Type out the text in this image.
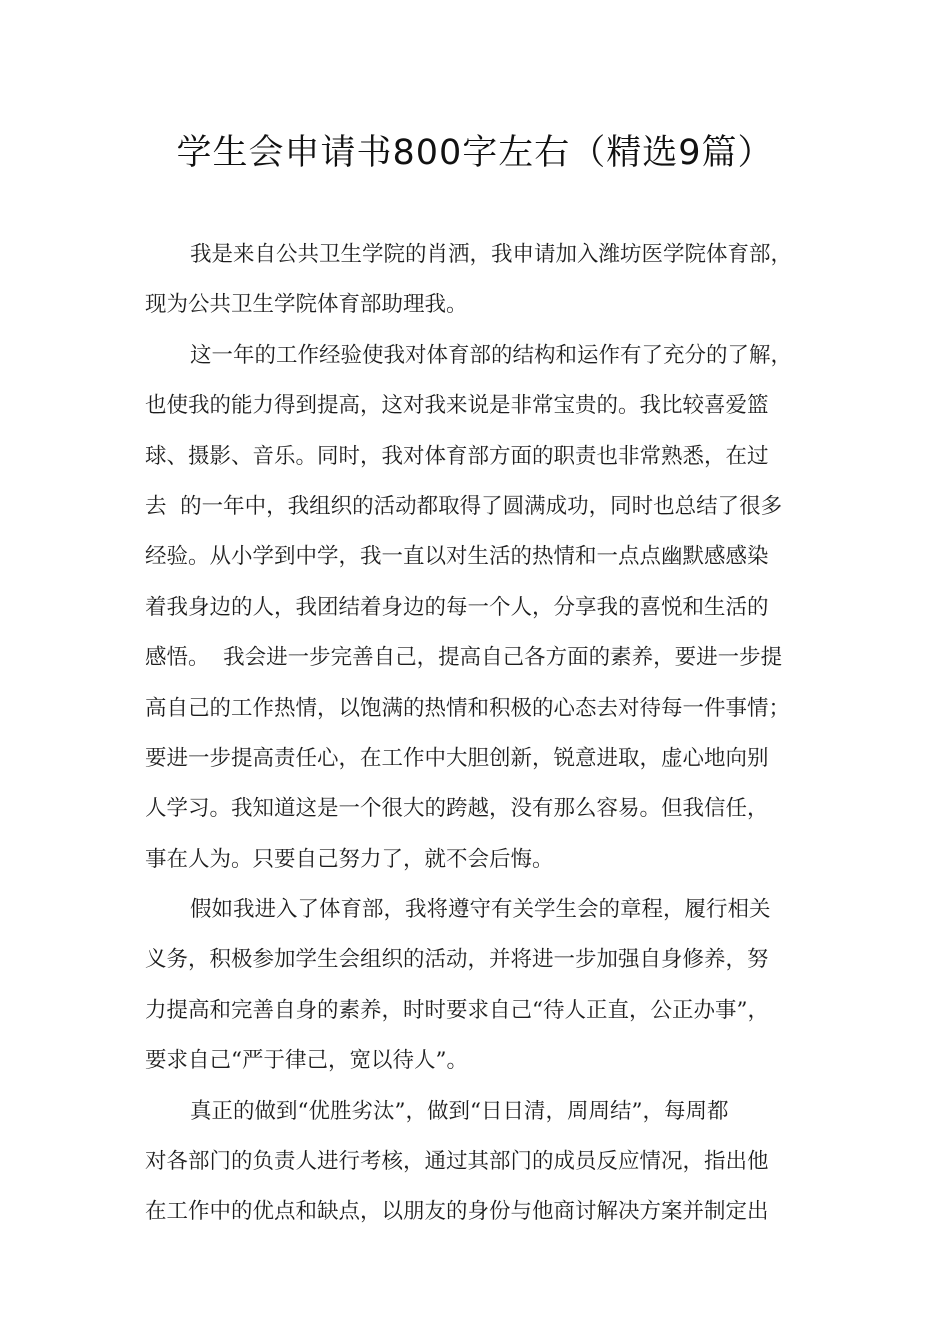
学生会申请书800字左右（精选9篇）
我是来自公共卫生学院的肖洒，我申请加入潍坊医学院体育部，
现为公共卫生学院体育部助理我。
这一年的工作经验使我对体育部的结构和运作有了充分的了解，
也使我的能力得到提高，这对我来说是非常宝贵的。我比较喜爱篮
球、摄影、音乐。同时，我对体育部方面的职责也非常熟悉，在过
去  的一年中，我组织的活动都取得了圆满成功，同时也总结了很多
经验。从小学到中学，我一直以对生活的热情和一点点幽默感感染
着我身边的人，我团结着身边的每一个人，分享我的喜悦和生活的
感悟。  我会进一步完善自己，提高自己各方面的素养，要进一步提
高自己的工作热情，以饱满的热情和积极的心态去对待每一件事情；
要进一步提高责任心，在工作中大胆创新，锐意进取，虚心地向别
人学习。我知道这是一个很大的跨越，没有那么容易。但我信任，
事在人为。只要自己努力了，就不会后悔。
假如我进入了体育部，我将遵守有关学生会的章程，履行相关
义务，积极参加学生会组织的活动，并将进一步加强自身修养，努
力提高和完善自身的素养，时时要求自己“待人正直，公正办事”，
要求自己“严于律己，宽以待人”。
真正的做到“优胜劣汰”，做到“日日清，周周结”，每周都
对各部门的负责人进行考核，通过其部门的成员反应情况，指出他
在工作中的优点和缺点，以朋友的身份与他商讨解决方案并制定出
